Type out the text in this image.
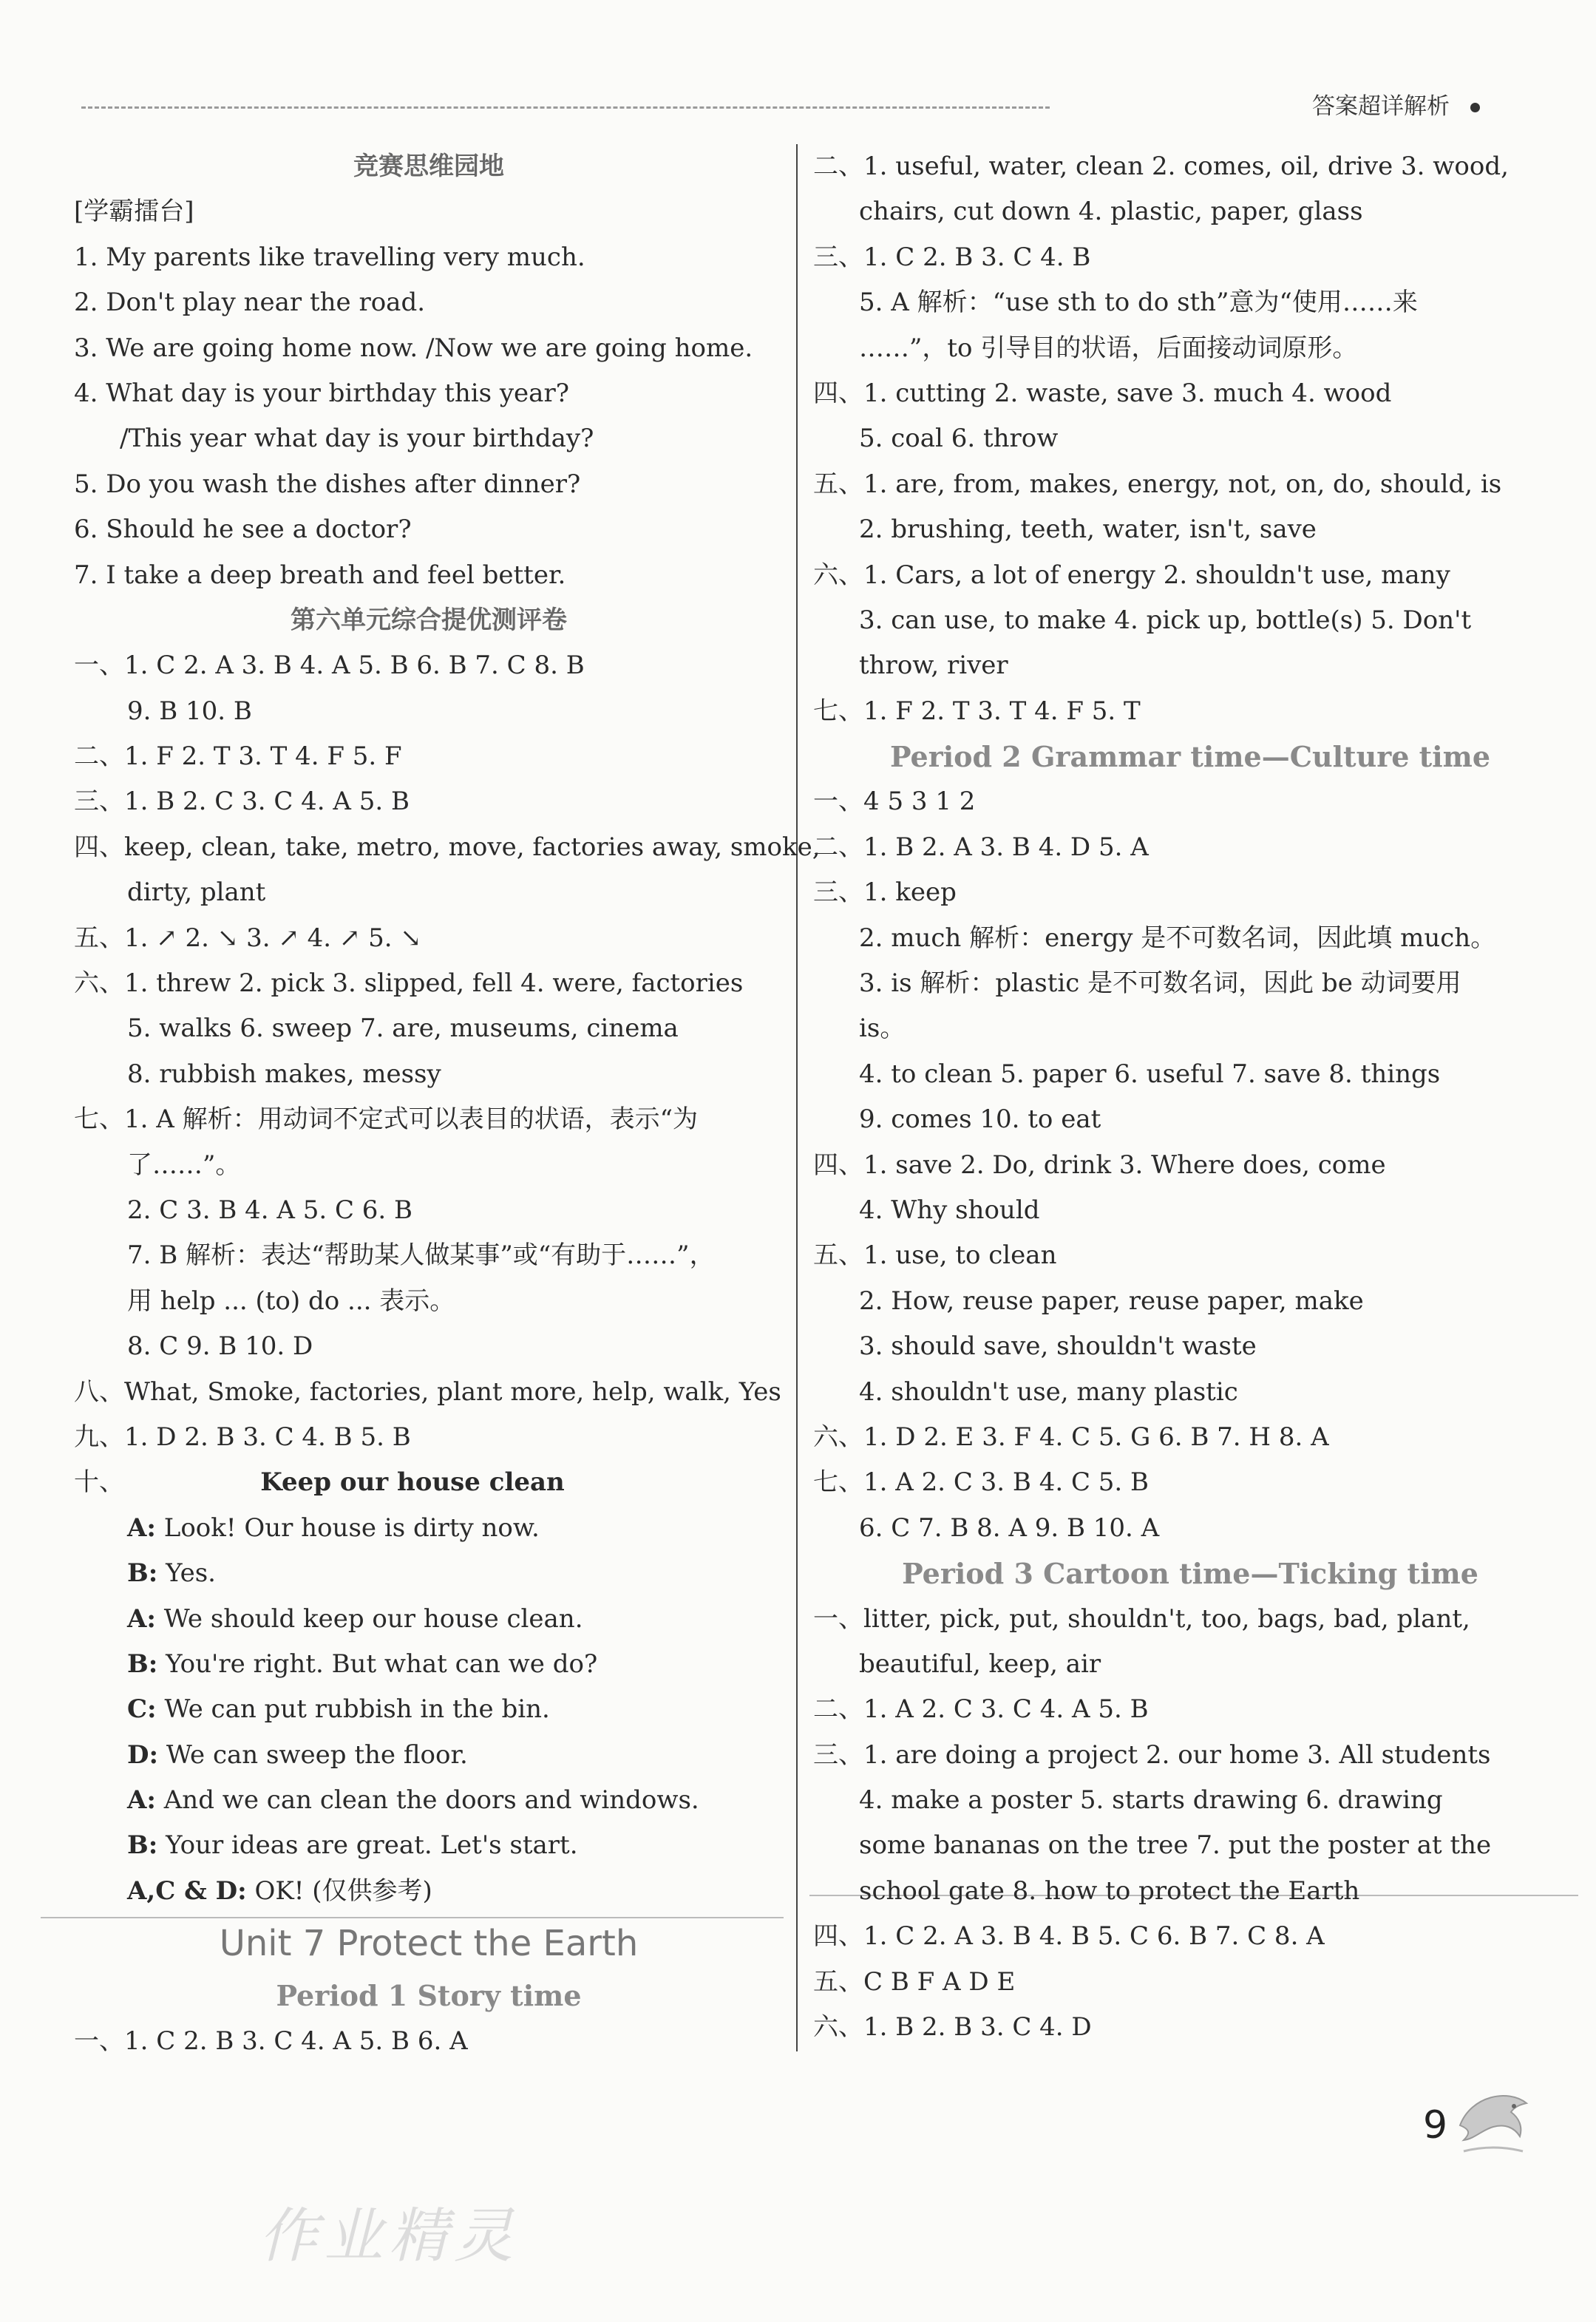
答案超详解析
竞赛思维园地
[学霸擂台]
1. My parents like travelling very much.
2. Don't play near the road.
3. We are going home now. /Now we are going home.
4. What day is your birthday this year?
/This year what day is your birthday?
5. Do you wash the dishes after dinner?
6. Should he see a doctor?
7. I take a deep breath and feel better.
第六单元综合提优测评卷
一、1. C 2. A 3. B 4. A 5. B 6. B 7. C 8. B
9. B 10. B
二、1. F 2. T 3. T 4. F 5. F
三、1. B 2. C 3. C 4. A 5. B
四、keep, clean, take, metro, move, factories away, smoke,
dirty, plant
五、1. ↗ 2. ↘ 3. ↗ 4. ↗ 5. ↘
六、1. threw 2. pick 3. slipped, fell 4. were, factories
5. walks 6. sweep 7. are, museums, cinema
8. rubbish makes, messy
七、1. A 解析：用动词不定式可以表目的状语，表示“为
了……”。
2. C 3. B 4. A 5. C 6. B
7. B 解析：表达“帮助某人做某事”或“有助于……”，
用 help ... (to) do ... 表示。
8. C 9. B 10. D
八、What, Smoke, factories, plant more, help, walk, Yes
九、1. D 2. B 3. C 4. B 5. B
十、	Keep our house clean
A: Look! Our house is dirty now.
B: Yes.
A: We should keep our house clean.
B: You're right. But what can we do?
C: We can put rubbish in the bin.
D: We can sweep the floor.
A: And we can clean the doors and windows.
B: Your ideas are great. Let's start.
A,C & D: OK! (仅供参考)
Unit 7 Protect the Earth
Period 1 Story time
一、1. C 2. B 3. C 4. A 5. B 6. A
二、1. useful, water, clean 2. comes, oil, drive 3. wood,
chairs, cut down 4. plastic, paper, glass
三、1. C 2. B 3. C 4. B
5. A 解析：“use sth to do sth”意为“使用……来
……”，to 引导目的状语，后面接动词原形。
四、1. cutting 2. waste, save 3. much 4. wood
5. coal 6. throw
五、1. are, from, makes, energy, not, on, do, should, is
2. brushing, teeth, water, isn't, save
六、1. Cars, a lot of energy 2. shouldn't use, many
3. can use, to make 4. pick up, bottle(s) 5. Don't
throw, river
七、1. F 2. T 3. T 4. F 5. T
Period 2 Grammar time—Culture time
一、4 5 3 1 2
二、1. B 2. A 3. B 4. D 5. A
三、1. keep
2. much 解析：energy 是不可数名词，因此填 much。
3. is 解析：plastic 是不可数名词，因此 be 动词要用
is。
4. to clean 5. paper 6. useful 7. save 8. things
9. comes 10. to eat
四、1. save 2. Do, drink 3. Where does, come
4. Why should
五、1. use, to clean
2. How, reuse paper, reuse paper, make
3. should save, shouldn't waste
4. shouldn't use, many plastic
六、1. D 2. E 3. F 4. C 5. G 6. B 7. H 8. A
七、1. A 2. C 3. B 4. C 5. B
6. C 7. B 8. A 9. B 10. A
Period 3 Cartoon time—Ticking time
一、litter, pick, put, shouldn't, too, bags, bad, plant,
beautiful, keep, air
二、1. A 2. C 3. C 4. A 5. B
三、1. are doing a project 2. our home 3. All students
4. make a poster 5. starts drawing 6. drawing
some bananas on the tree 7. put the poster at the
school gate 8. how to protect the Earth
四、1. C 2. A 3. B 4. B 5. C 6. B 7. C 8. A
五、C B F A D E
六、1. B 2. B 3. C 4. D
作业精灵
9
